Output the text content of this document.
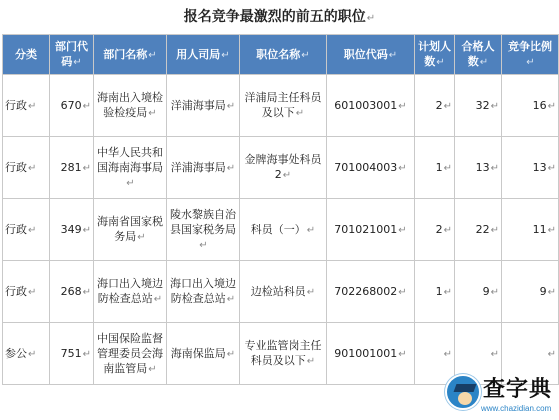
报名竞争最激烈的前五的职位↵
分类	部门代码↵	部门名称↵	用人司局↵	职位名称↵	职位代码↵	计划人数↵	合格人数↵	竞争比例↵
行政↵	670↵	海南出入境检验检疫局↵	洋浦海事局↵	洋浦局主任科员及以下↵	601003001↵	2↵	32↵	16↵
行政↵	281↵	中华人民共和国海南海事局↵	洋浦海事局↵	金牌海事处科员 2↵	701004003↵	1↵	13↵	13↵
行政↵	349↵	海南省国家税务局↵	陵水黎族自治县国家税务局↵	科员（一）↵	701021001↵	2↵	22↵	11↵
行政↵	268↵	海口出入境边防检查总站↵	海口出入境边防检查总站↵	边检站科员↵	702268002↵	1↵	9↵	9↵
参公↵	751↵	中国保险监督管理委员会海南监管局↵	海南保监局↵	专业监管岗主任科员及以下↵	901001001↵	↵	↵	↵
查字典
www.chazidian.com
